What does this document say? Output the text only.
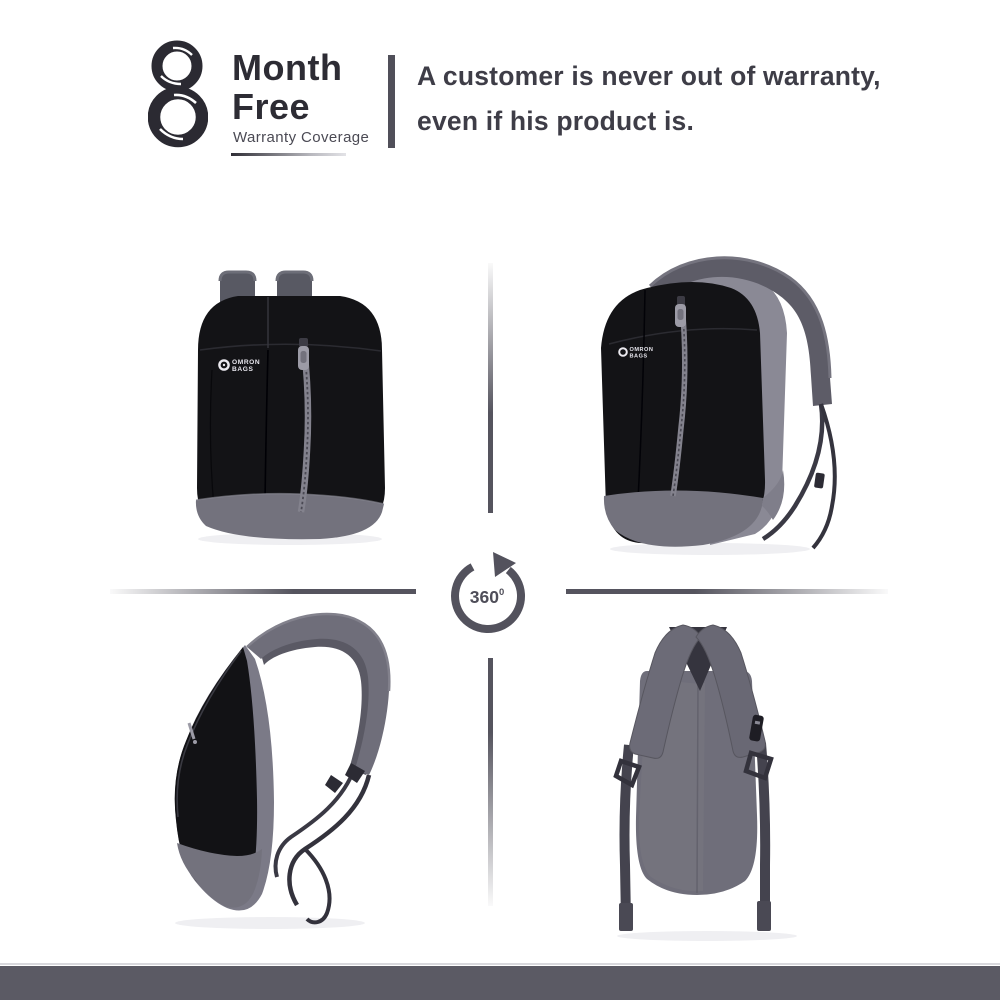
Month
Free
Warranty Coverage
A customer is never out of warranty,
even if his product is.
$360^0$
OMRON
BAGS
OMRON
BAGS
